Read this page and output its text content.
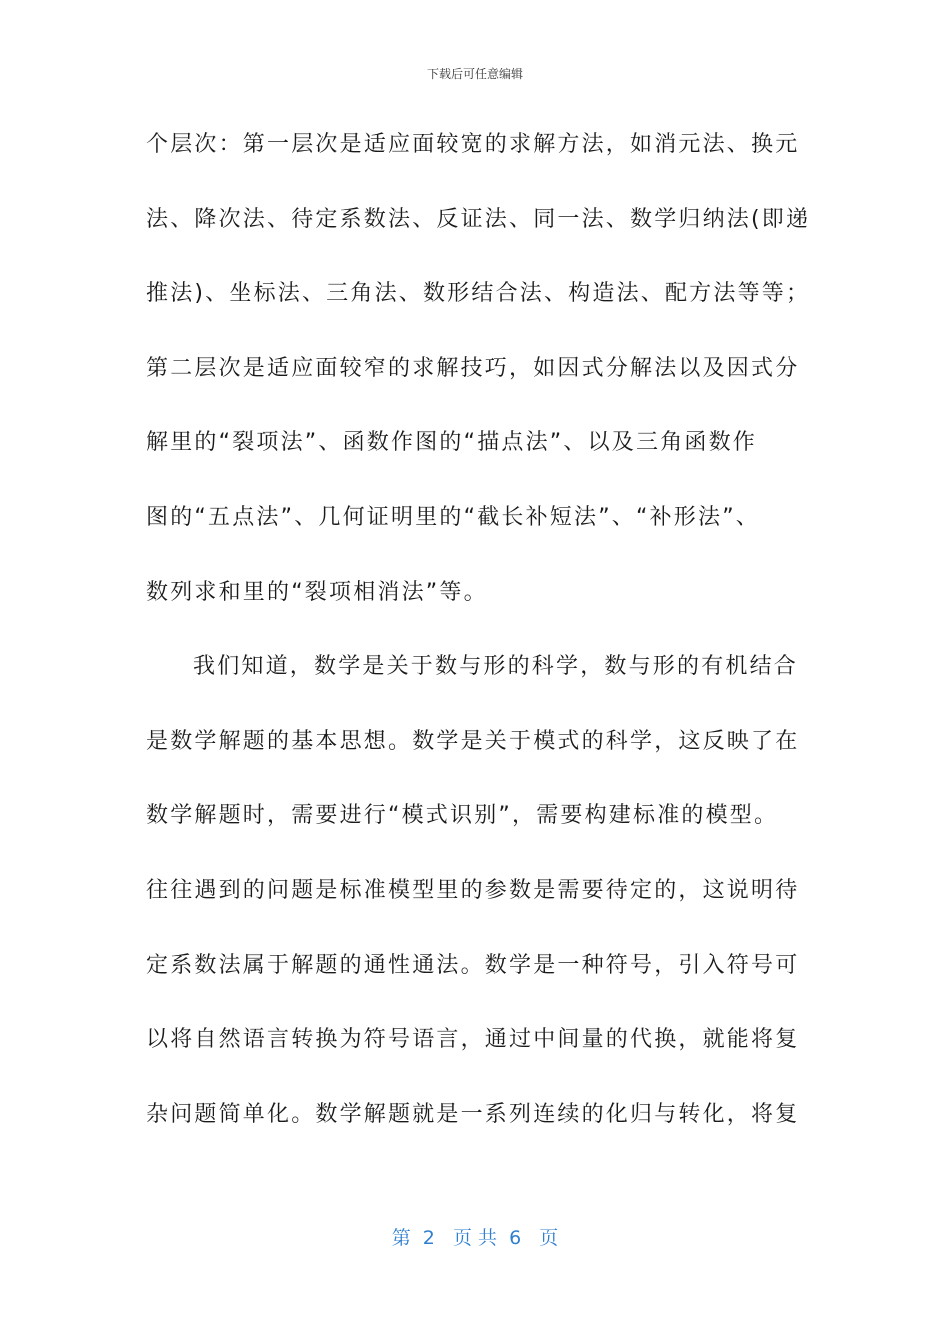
下载后可任意编辑
个层次：第一层次是适应面较宽的求解方法，如消元法、换元
法、降次法、待定系数法、反证法、同一法、数学归纳法(即递
推法)、坐标法、三角法、数形结合法、构造法、配方法等等；
第二层次是适应面较窄的求解技巧，如因式分解法以及因式分
解里的“裂项法”、函数作图的“描点法”、以及三角函数作
图的“五点法”、几何证明里的“截长补短法”、“补形法”、
数列求和里的“裂项相消法”等。
我们知道，数学是关于数与形的科学，数与形的有机结合
是数学解题的基本思想。数学是关于模式的科学，这反映了在
数学解题时，需要进行“模式识别”，需要构建标准的模型。
往往遇到的问题是标准模型里的参数是需要待定的，这说明待
定系数法属于解题的通性通法。数学是一种符号，引入符号可
以将自然语言转换为符号语言，通过中间量的代换，就能将复
杂问题简单化。数学解题就是一系列连续的化归与转化，将复
第  2   页 共  6   页
